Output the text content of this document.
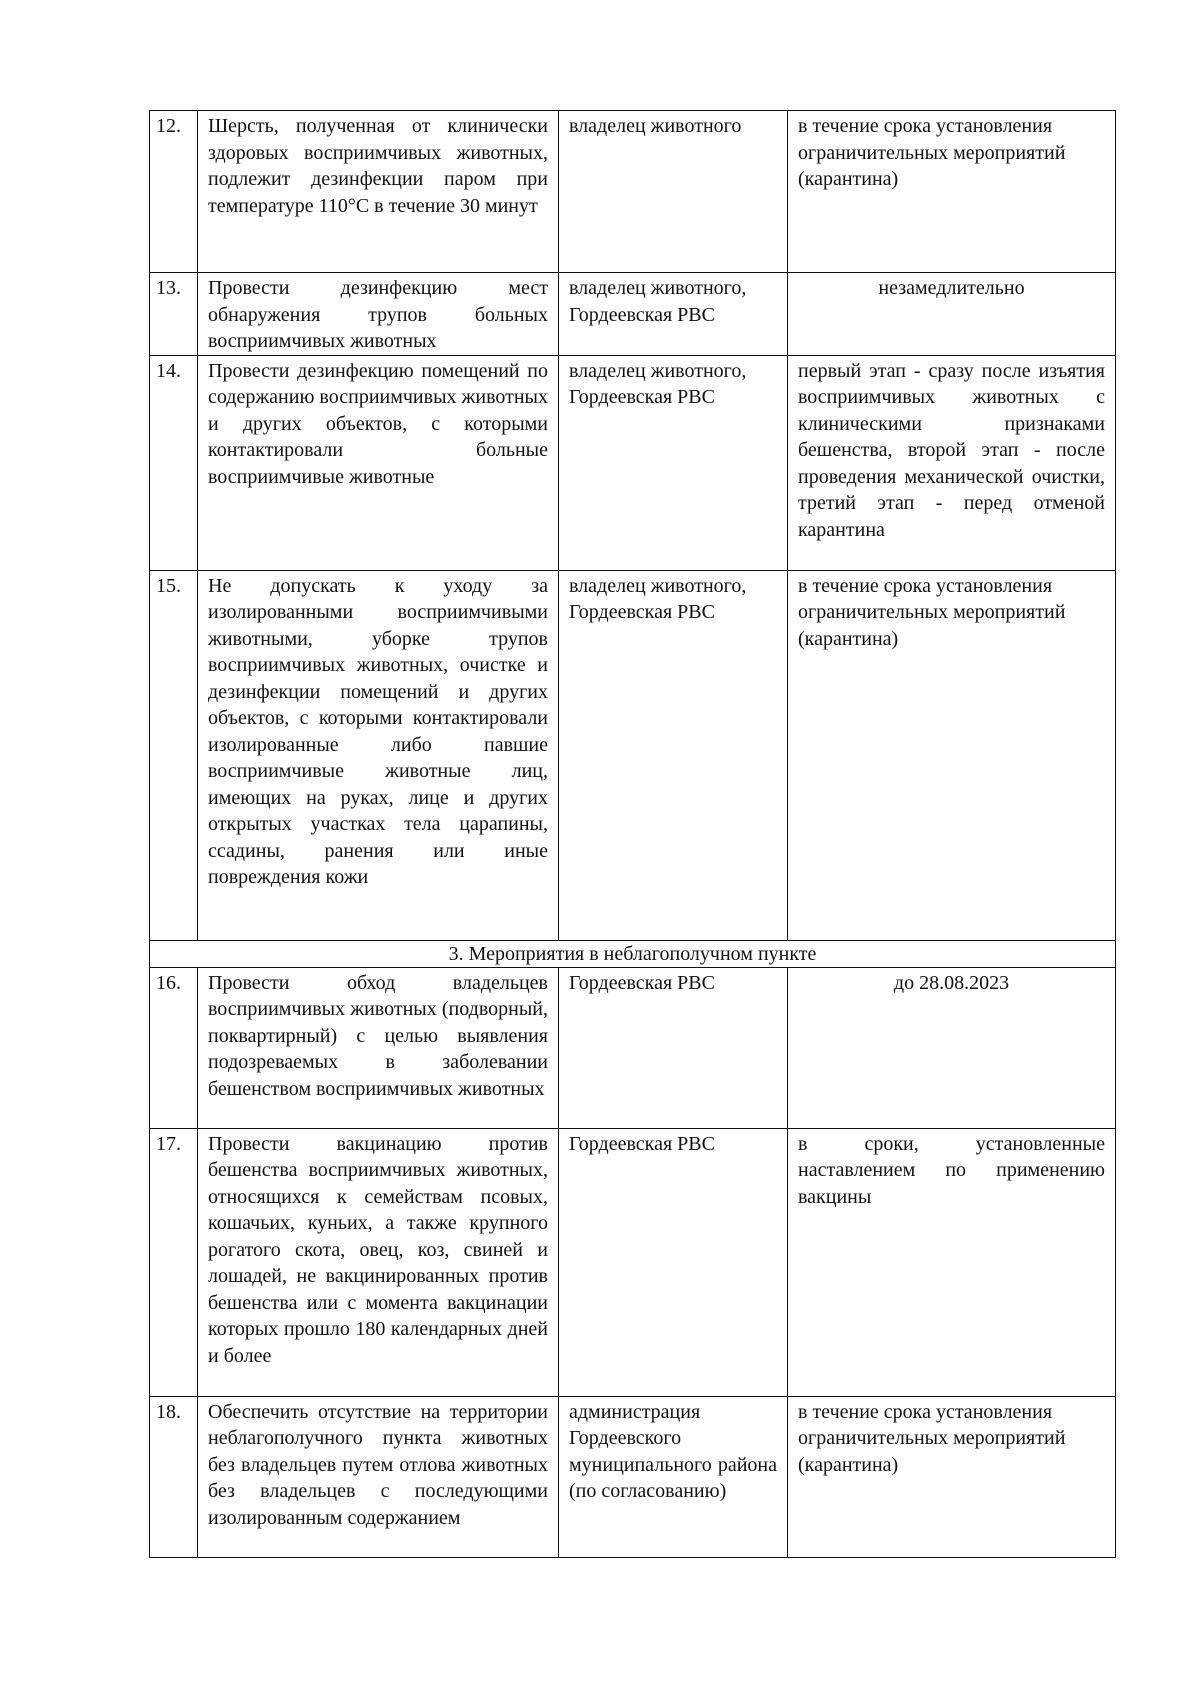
12.	Шерсть, полученная от клинически здоровых восприимчивых животных, подлежит дезинфекции паром при температуре 110°С в течение 30 минут	владелец животного	в течение срока установления ограничительных мероприятий (карантина)
13.	Провести дезинфекцию мест обнаружения трупов больных восприимчивых животных	владелец животного, Гордеевская РВС	незамедлительно
14.	Провести дезинфекцию помещений по содержанию восприимчивых животных и других объектов, с которыми контактировали больные восприимчивые животные	владелец животного, Гордеевская РВС	первый этап - сразу после изъятия восприимчивых животных с клиническими признаками бешенства, второй этап - после проведения механической очистки, третий этап - перед отменой карантина
15.	Не допускать к уходу за изолированными восприимчивыми животными, уборке трупов восприимчивых животных, очистке и дезинфекции помещений и других объектов, с которыми контактировали изолированные либо павшие восприимчивые животные лиц, имеющих на руках, лице и других открытых участках тела царапины, ссадины, ранения или иные повреждения кожи	владелец животного, Гордеевская РВС	в течение срока установления ограничительных мероприятий (карантина)
3. Мероприятия в неблагополучном пункте			
16.	Провести обход владельцев восприимчивых животных (подворный, поквартирный) с целью выявления подозреваемых в заболевании бешенством восприимчивых животных	Гордеевская РВС	до 28.08.2023
17.	Провести вакцинацию против бешенства восприимчивых животных, относящихся к семействам псовых, кошачьих, куньих, а также крупного рогатого скота, овец, коз, свиней и лошадей, не вакцинированных против бешенства или с момента вакцинации которых прошло 180 календарных дней и более	Гордеевская РВС	в сроки, установленные наставлением по применению вакцины
18.	Обеспечить отсутствие на территории неблагополучного пункта животных без владельцев путем отлова животных без владельцев с последующими изолированным содержанием	администрация Гордеевского муниципального района (по согласованию)	в течение срока установления ограничительных мероприятий (карантина)
